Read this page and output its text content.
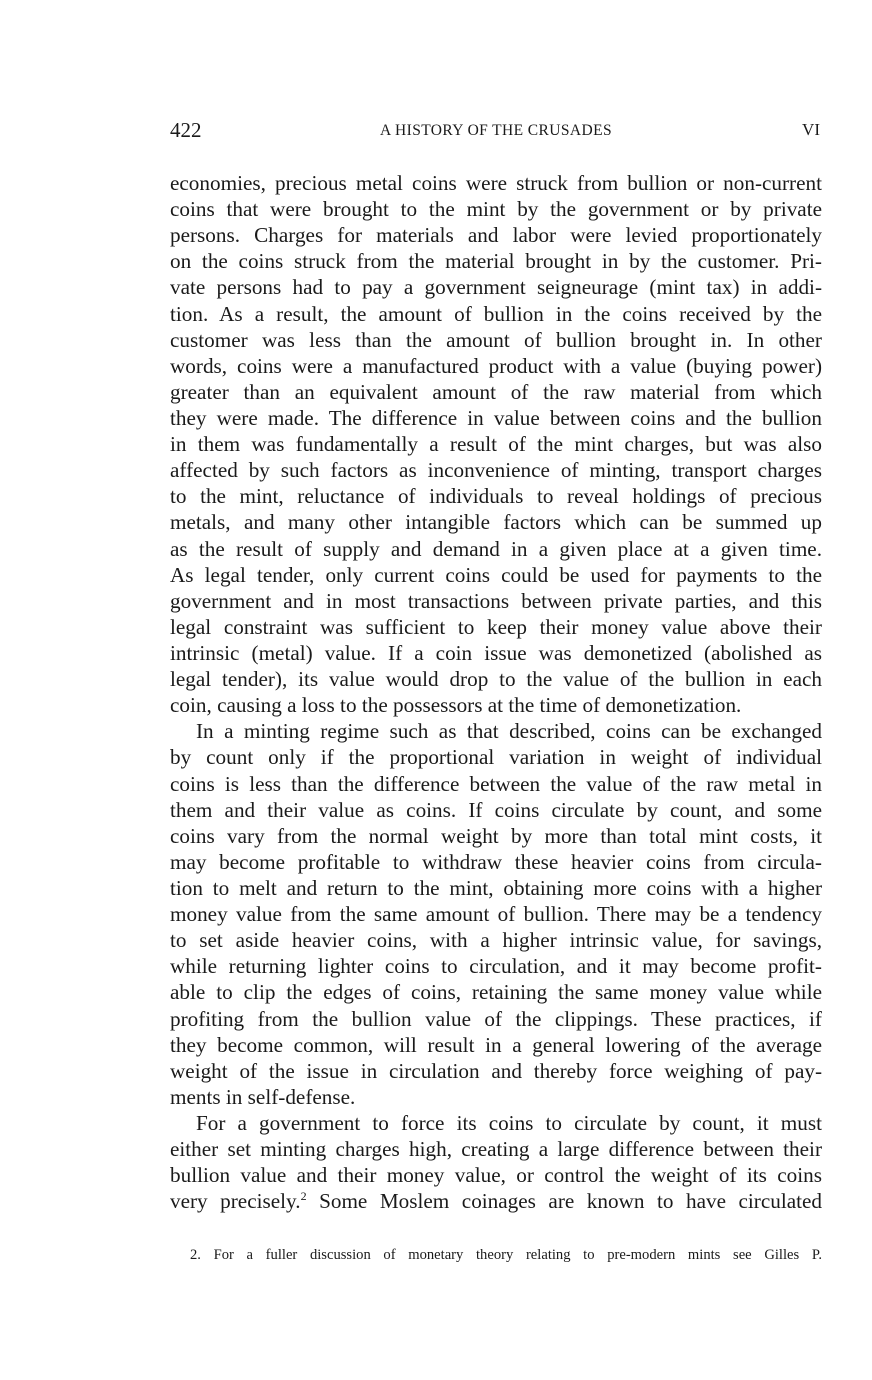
422	A HISTORY OF THE CRUSADES	VI
economies, precious metal coins were struck from bullion or non-current
coins that were brought to the mint by the government or by private
persons. Charges for materials and labor were levied proportionately
on the coins struck from the material brought in by the customer. Pri-
vate persons had to pay a government seigneurage (mint tax) in addi-
tion. As a result, the amount of bullion in the coins received by the
customer was less than the amount of bullion brought in. In other
words, coins were a manufactured product with a value (buying power)
greater than an equivalent amount of the raw material from which
they were made. The difference in value between coins and the bullion
in them was fundamentally a result of the mint charges, but was also
affected by such factors as inconvenience of minting, transport charges
to the mint, reluctance of individuals to reveal holdings of precious
metals, and many other intangible factors which can be summed up
as the result of supply and demand in a given place at a given time.
As legal tender, only current coins could be used for payments to the
government and in most transactions between private parties, and this
legal constraint was sufficient to keep their money value above their
intrinsic (metal) value. If a coin issue was demonetized (abolished as
legal tender), its value would drop to the value of the bullion in each
coin, causing a loss to the possessors at the time of demonetization.
In a minting regime such as that described, coins can be exchanged
by count only if the proportional variation in weight of individual
coins is less than the difference between the value of the raw metal in
them and their value as coins. If coins circulate by count, and some
coins vary from the normal weight by more than total mint costs, it
may become profitable to withdraw these heavier coins from circula-
tion to melt and return to the mint, obtaining more coins with a higher
money value from the same amount of bullion. There may be a tendency
to set aside heavier coins, with a higher intrinsic value, for savings,
while returning lighter coins to circulation, and it may become profit-
able to clip the edges of coins, retaining the same money value while
profiting from the bullion value of the clippings. These practices, if
they become common, will result in a general lowering of the average
weight of the issue in circulation and thereby force weighing of pay-
ments in self-defense.
For a government to force its coins to circulate by count, it must
either set minting charges high, creating a large difference between their
bullion value and their money value, or control the weight of its coins
very precisely.$^2$ Some Moslem coinages are known to have circulated
2. For a fuller discussion of monetary theory relating to pre-modern mints see Gilles P.
